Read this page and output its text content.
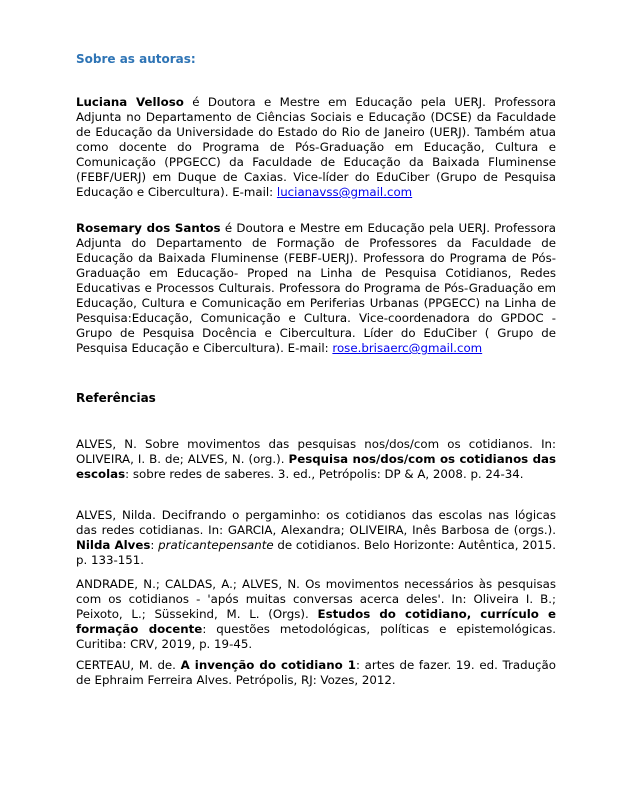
Sobre as autoras:

Luciana Velloso é Doutora e Mestre em Educação pela UERJ. Professora Adjunta no Departamento de Ciências Sociais e Educação (DCSE) da Faculdade de Educação da Universidade do Estado do Rio de Janeiro (UERJ). Também atua como docente do Programa de Pós-Graduação em Educação, Cultura e Comunicação (PPGECC) da Faculdade de Educação da Baixada Fluminense (FEBF/UERJ) em Duque de Caxias. Vice-líder do EduCiber (Grupo de Pesquisa Educação e Cibercultura). E-mail: lucianavss@gmail.com

Rosemary dos Santos é Doutora e Mestre em Educação pela UERJ. Professora Adjunta do Departamento de Formação de Professores da Faculdade de Educação da Baixada Fluminense (FEBF-UERJ). Professora do Programa de Pós-Graduação em Educação- Proped na Linha de Pesquisa Cotidianos, Redes Educativas e Processos Culturais. Professora do Programa de Pós-Graduação em Educação, Cultura e Comunicação em Periferias Urbanas (PPGECC) na Linha de Pesquisa:Educação, Comunicação e Cultura. Vice-coordenadora do GPDOC - Grupo de Pesquisa Docência e Cibercultura. Líder do EduCiber ( Grupo de Pesquisa Educação e Cibercultura). E-mail: rose.brisaerc@gmail.com

Referências

ALVES, N. Sobre movimentos das pesquisas nos/dos/com os cotidianos. In: OLIVEIRA, I. B. de; ALVES, N. (org.). Pesquisa nos/dos/com os cotidianos das escolas: sobre redes de saberes. 3. ed., Petrópolis: DP & A, 2008. p. 24-34.

ALVES, Nilda. Decifrando o pergaminho: os cotidianos das escolas nas lógicas das redes cotidianas. In: GARCIA, Alexandra; OLIVEIRA, Inês Barbosa de (orgs.). Nilda Alves: praticantepensante de cotidianos. Belo Horizonte: Autêntica, 2015. p. 133-151.

ANDRADE, N.; CALDAS, A.; ALVES, N. Os movimentos necessários às pesquisas com os cotidianos - 'após muitas conversas acerca deles'. In: Oliveira I. B.; Peixoto, L.; Süssekind, M. L. (Orgs). Estudos do cotidiano, currículo e formação docente: questões metodológicas, políticas e epistemológicas. Curitiba: CRV, 2019, p. 19-45.

CERTEAU, M. de. A invenção do cotidiano 1: artes de fazer. 19. ed. Tradução de Ephraim Ferreira Alves. Petrópolis, RJ: Vozes, 2012.
